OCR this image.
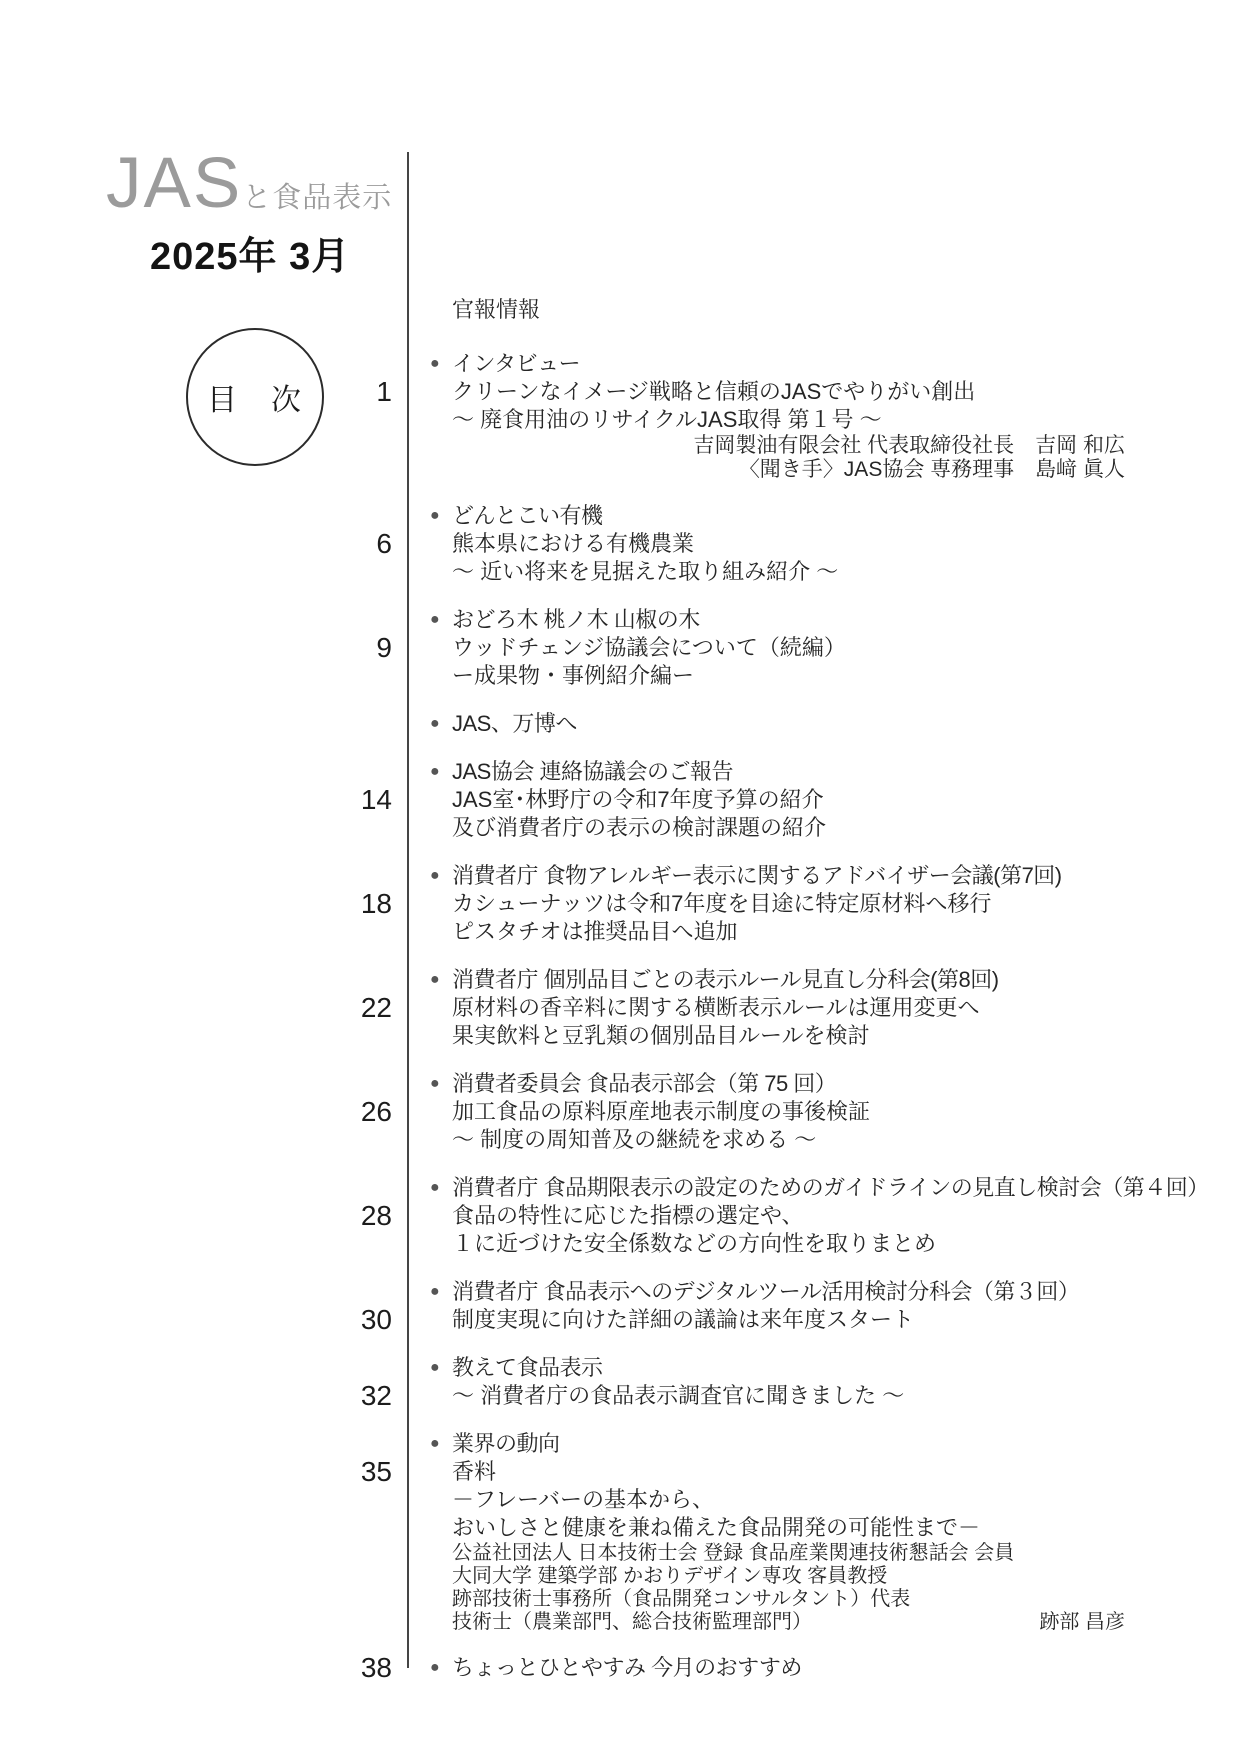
JASと食品表示
2025年 3月
目　次
官報情報
1
● インタビュー
クリーンなイメージ戦略と信頼のJASでやりがい創出
～ 廃食用油のリサイクルJAS取得 第１号 ～
吉岡製油有限会社 代表取締役社長　吉岡 和広
〈聞き手〉JAS協会 専務理事　島﨑 眞人
6
● どんとこい有機
熊本県における有機農業
～ 近い将来を見据えた取り組み紹介 ～
9
● おどろ木 桃ノ木 山椒の木
ウッドチェンジ協議会について（続編）
ー成果物・事例紹介編ー
● JAS、万博へ
14
● JAS協会 連絡協議会のご報告
JAS室･林野庁の令和7年度予算の紹介
及び消費者庁の表示の検討課題の紹介
18
● 消費者庁 食物アレルギー表示に関するアドバイザー会議(第7回)
カシューナッツは令和7年度を目途に特定原材料へ移行
ピスタチオは推奨品目へ追加
22
● 消費者庁 個別品目ごとの表示ルール見直し分科会(第8回)
原材料の香辛料に関する横断表示ルールは運用変更へ
果実飲料と豆乳類の個別品目ルールを検討
26
● 消費者委員会 食品表示部会（第 75 回）
加工食品の原料原産地表示制度の事後検証
～ 制度の周知普及の継続を求める ～
28
● 消費者庁 食品期限表示の設定のためのガイドラインの見直し検討会（第４回）
食品の特性に応じた指標の選定や、
１に近づけた安全係数などの方向性を取りまとめ
30
● 消費者庁 食品表示へのデジタルツール活用検討分科会（第３回）
制度実現に向けた詳細の議論は来年度スタート
32
● 教えて食品表示
～ 消費者庁の食品表示調査官に聞きました ～
35
● 業界の動向
香料
－フレーバーの基本から、
おいしさと健康を兼ね備えた食品開発の可能性まで－
公益社団法人 日本技術士会 登録 食品産業関連技術懇話会 会員
大同大学 建築学部 かおりデザイン専攻 客員教授
跡部技術士事務所（食品開発コンサルタント）代表
技術士（農業部門、総合技術監理部門）	跡部 昌彦
38 ● ちょっとひとやすみ 今月のおすすめ
